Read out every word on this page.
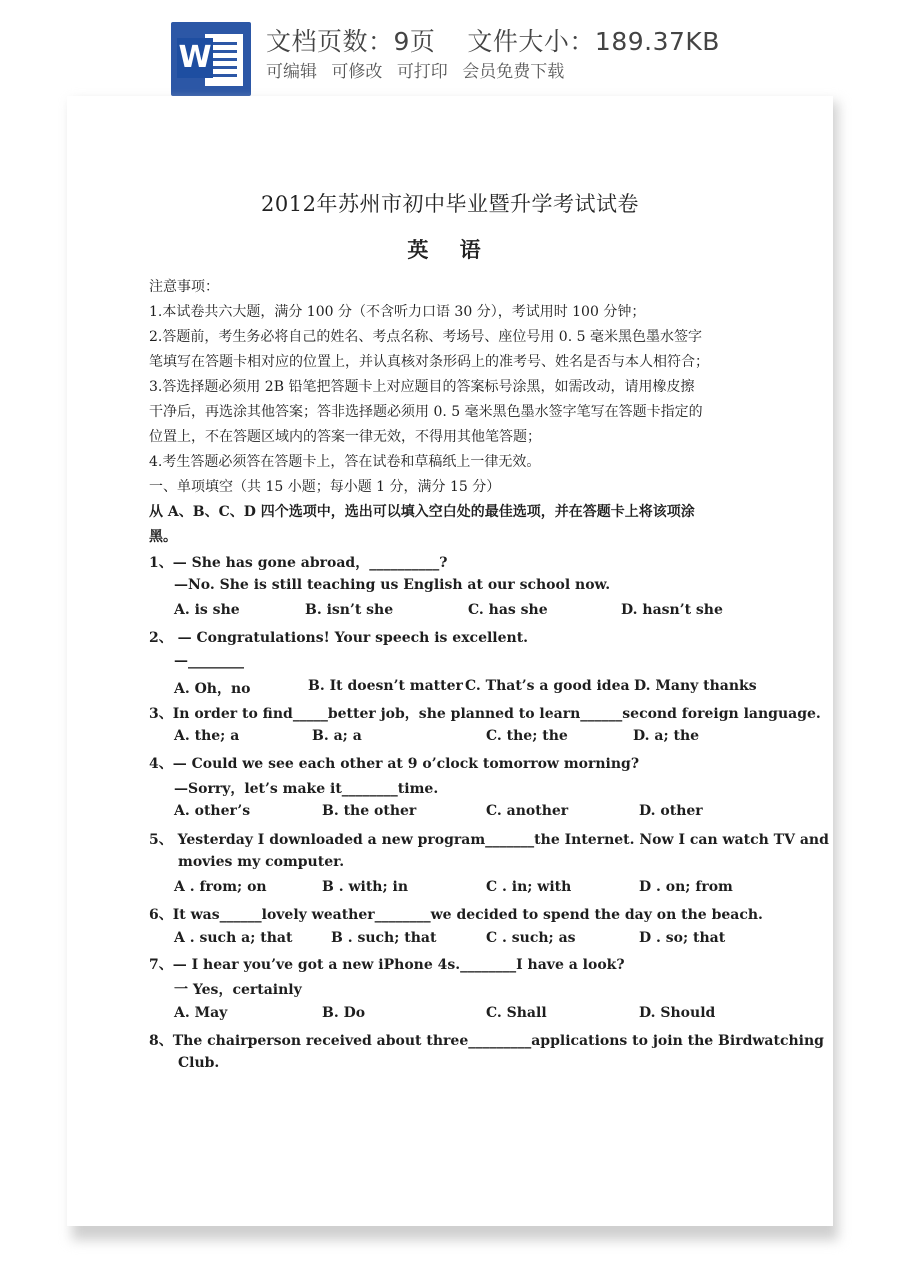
W 文档页数：9页 文件大小：189.37KB
可编辑 可修改 可打印 会员免费下载
2012年苏州市初中毕业暨升学考试试卷
英 语
注意事项：
1.本试卷共六大题，满分 100 分（不含听力口语 30 分），考试用时 100 分钟；
2.答题前，考生务必将自己的姓名、考点名称、考场号、座位号用 0. 5 毫米黑色墨水签字
笔填写在答题卡相对应的位置上，并认真核对条形码上的准考号、姓名是否与本人相符合；
3.答选择题必须用 2B 铅笔把答题卡上对应题目的答案标号涂黑，如需改动，请用橡皮擦
干净后，再选涂其他答案；答非选择题必须用 0. 5 毫米黑色墨水签字笔写在答题卡指定的
位置上，不在答题区域内的答案一律无效，不得用其他笔答题；
4.考生答题必须答在答题卡上，答在试卷和草稿纸上一律无效。
一、单项填空（共 15 小题；每小题 1 分，满分 15 分）
从 A、B、C、D 四个选项中，选出可以填入空白处的最佳选项，并在答题卡上将该项涂
黑。
1、— She has gone abroad，__________?
—No. She is still teaching us English at our school now.
A. is she	B. isn’t she	C. has she	D. hasn’t she
2、 — Congratulations! Your speech is excellent.
—________
A. Oh，no	B. It doesn’t matter C. That’s a good idea D. Many thanks
3、In order to find_____better job，she planned to learn______second foreign language.
A. the; a	B. a; a	C. the; the	D. a; the
4、— Could we see each other at 9 o’clock tomorrow morning?
—Sorry，let’s make it________time.
A. other’s	B. the other	C. another	D. other
5、 Yesterday I downloaded a new program_______the Internet. Now I can watch TV and
movies my computer.
A . from; on	B . with; in	C . in; with	D . on; from
6、It was______lovely weather________we decided to spend the day on the beach.
A . such a; that	B . such; that	C . such; as	D . so; that
7、— I hear you’ve got a new iPhone 4s.________I have a look?
一 Yes，certainly
A. May	B. Do	C. Shall	D. Should
8、The chairperson received about three_________applications to join the Birdwatching
Club.
